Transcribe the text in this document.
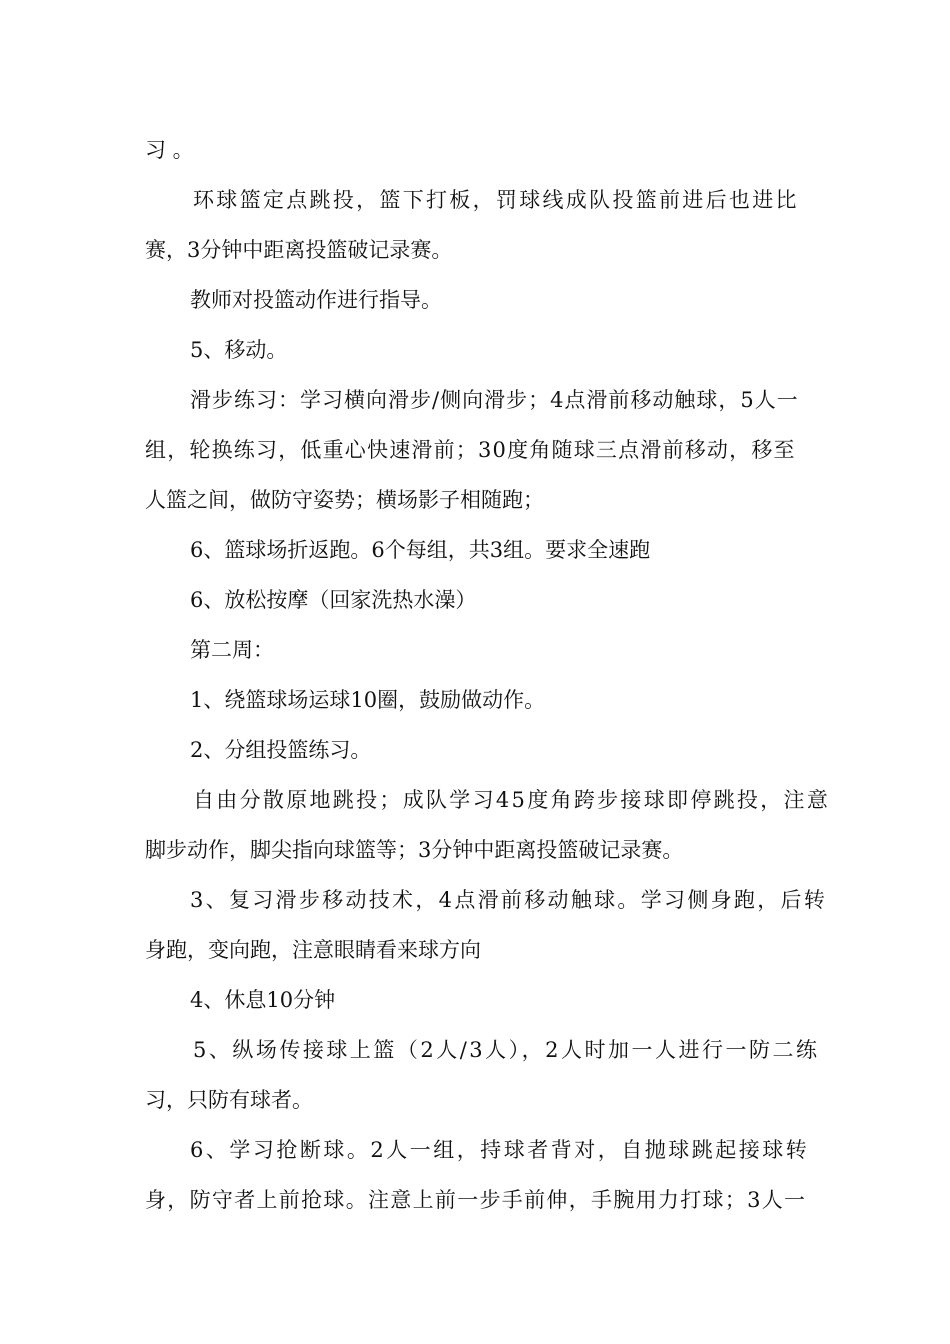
习 。
环球篮定点跳投，篮下打板，罚球线成队投篮前进后也进比
赛，3分钟中距离投篮破记录赛。
教师对投篮动作进行指导。
5、移动。
滑步练习：学习横向滑步/侧向滑步；4点滑前移动触球，5人一
组，轮换练习，低重心快速滑前；30度角随球三点滑前移动，移至
人篮之间，做防守姿势；横场影子相随跑；
6、篮球场折返跑。6个每组，共3组。要求全速跑
6、放松按摩（回家洗热水澡）
第二周：
1、绕篮球场运球10圈，鼓励做动作。
2、分组投篮练习。
自由分散原地跳投；成队学习45度角跨步接球即停跳投，注意
脚步动作，脚尖指向球篮等；3分钟中距离投篮破记录赛。
3、复习滑步移动技术，4点滑前移动触球。学习侧身跑，后转
身跑，变向跑，注意眼睛看来球方向
4、休息10分钟
5、纵场传接球上篮（2人/3人），2人时加一人进行一防二练
习，只防有球者。
6、学习抢断球。2人一组，持球者背对，自抛球跳起接球转
身，防守者上前抢球。注意上前一步手前伸，手腕用力打球；3人一
